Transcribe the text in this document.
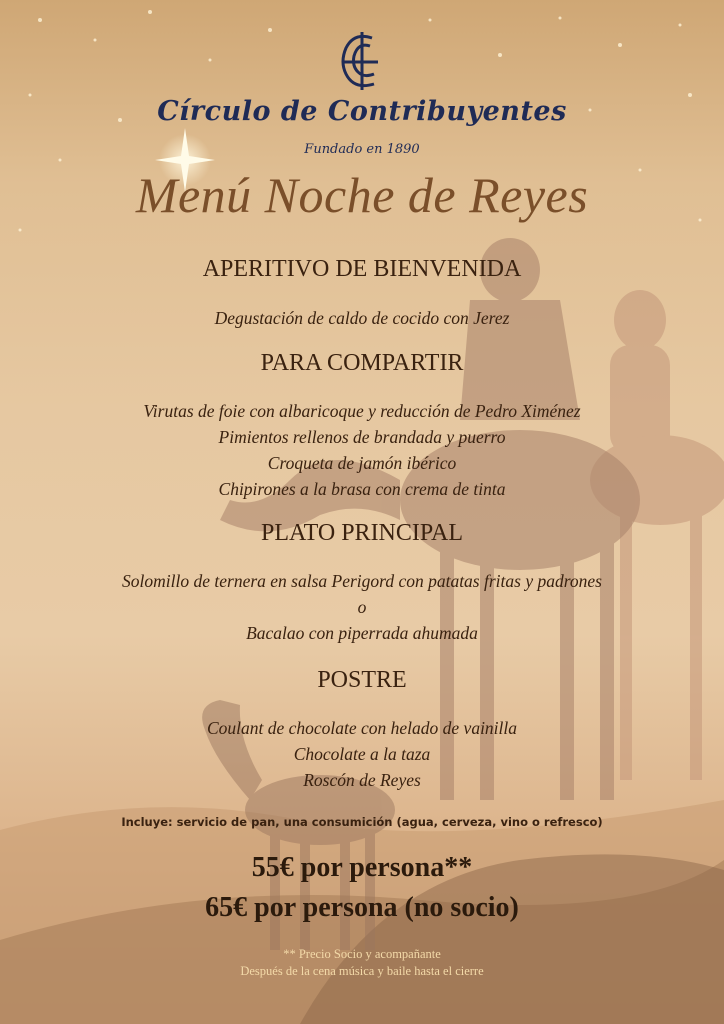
Círculo de Contribuyentes
Fundado en 1890
Menú Noche de Reyes
APERITIVO DE BIENVENIDA
Degustación de caldo de cocido con Jerez
PARA COMPARTIR
Virutas de foie con albaricoque y reducción de Pedro Ximénez
Pimientos rellenos de brandada y puerro
Croqueta de jamón ibérico
Chipirones a la brasa con crema de tinta
PLATO PRINCIPAL
Solomillo de ternera en salsa Perigord con patatas fritas y padrones
o
Bacalao con piperrada ahumada
POSTRE
Coulant de chocolate con helado de vainilla
Chocolate a la taza
Roscón de Reyes
Incluye: servicio de pan, una consumición (agua, cerveza, vino o refresco)
55€ por persona**
65€ por persona (no socio)
** Precio Socio y acompañante
Después de la cena música y baile hasta el cierre
